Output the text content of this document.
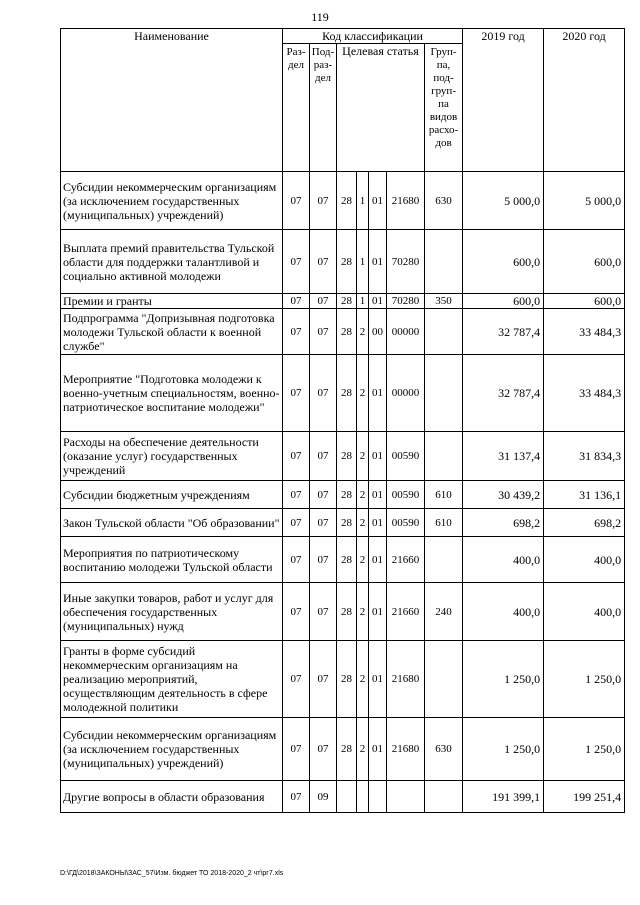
119
Наименование	Код классификации							2019 год	2020 год
	Раз-дел	Под-раз-дел	Целевая статья				Груп-па, под-груп-па видов расхо-дов		
Субсидии некоммерческим организациям (за исключением государственных (муниципальных) учреждений)	07	07	28	1	01	21680	630	5 000,0	5 000,0
Выплата премий правительства Тульской области для поддержки талантливой и социально активной молодежи	07	07	28	1	01	70280		600,0	600,0
Премии и гранты	07	07	28	1	01	70280	350	600,0	600,0
Подпрограмма "Допризывная подготовка молодежи Тульской области к военной службе"	07	07	28	2	00	00000		32 787,4	33 484,3
Мероприятие "Подготовка молодежи к военно-учетным специальностям, военно-патриотическое воспитание молодежи"	07	07	28	2	01	00000		32 787,4	33 484,3
Расходы на обеспечение деятельности (оказание услуг) государственных учреждений	07	07	28	2	01	00590		31 137,4	31 834,3
Субсидии бюджетным учреждениям	07	07	28	2	01	00590	610	30 439,2	31 136,1
Закон Тульской области "Об образовании"	07	07	28	2	01	00590	610	698,2	698,2
Мероприятия по патриотическому воспитанию молодежи Тульской области	07	07	28	2	01	21660		400,0	400,0
Иные закупки товаров, работ и услуг для обеспечения государственных (муниципальных) нужд	07	07	28	2	01	21660	240	400,0	400,0
Гранты в форме субсидий некоммерческим организациям на реализацию мероприятий, осуществляющим деятельность в сфере молодежной политики	07	07	28	2	01	21680		1 250,0	1 250,0
Субсидии некоммерческим организациям (за исключением государственных (муниципальных) учреждений)	07	07	28	2	01	21680	630	1 250,0	1 250,0
Другие вопросы в области образования	07	09						191 399,1	199 251,4
D:\ГД\2018\ЗАКОНЫ\ЗАС_57\Изм. бюджет ТО 2018-2020_2 чт\рг7.xls
